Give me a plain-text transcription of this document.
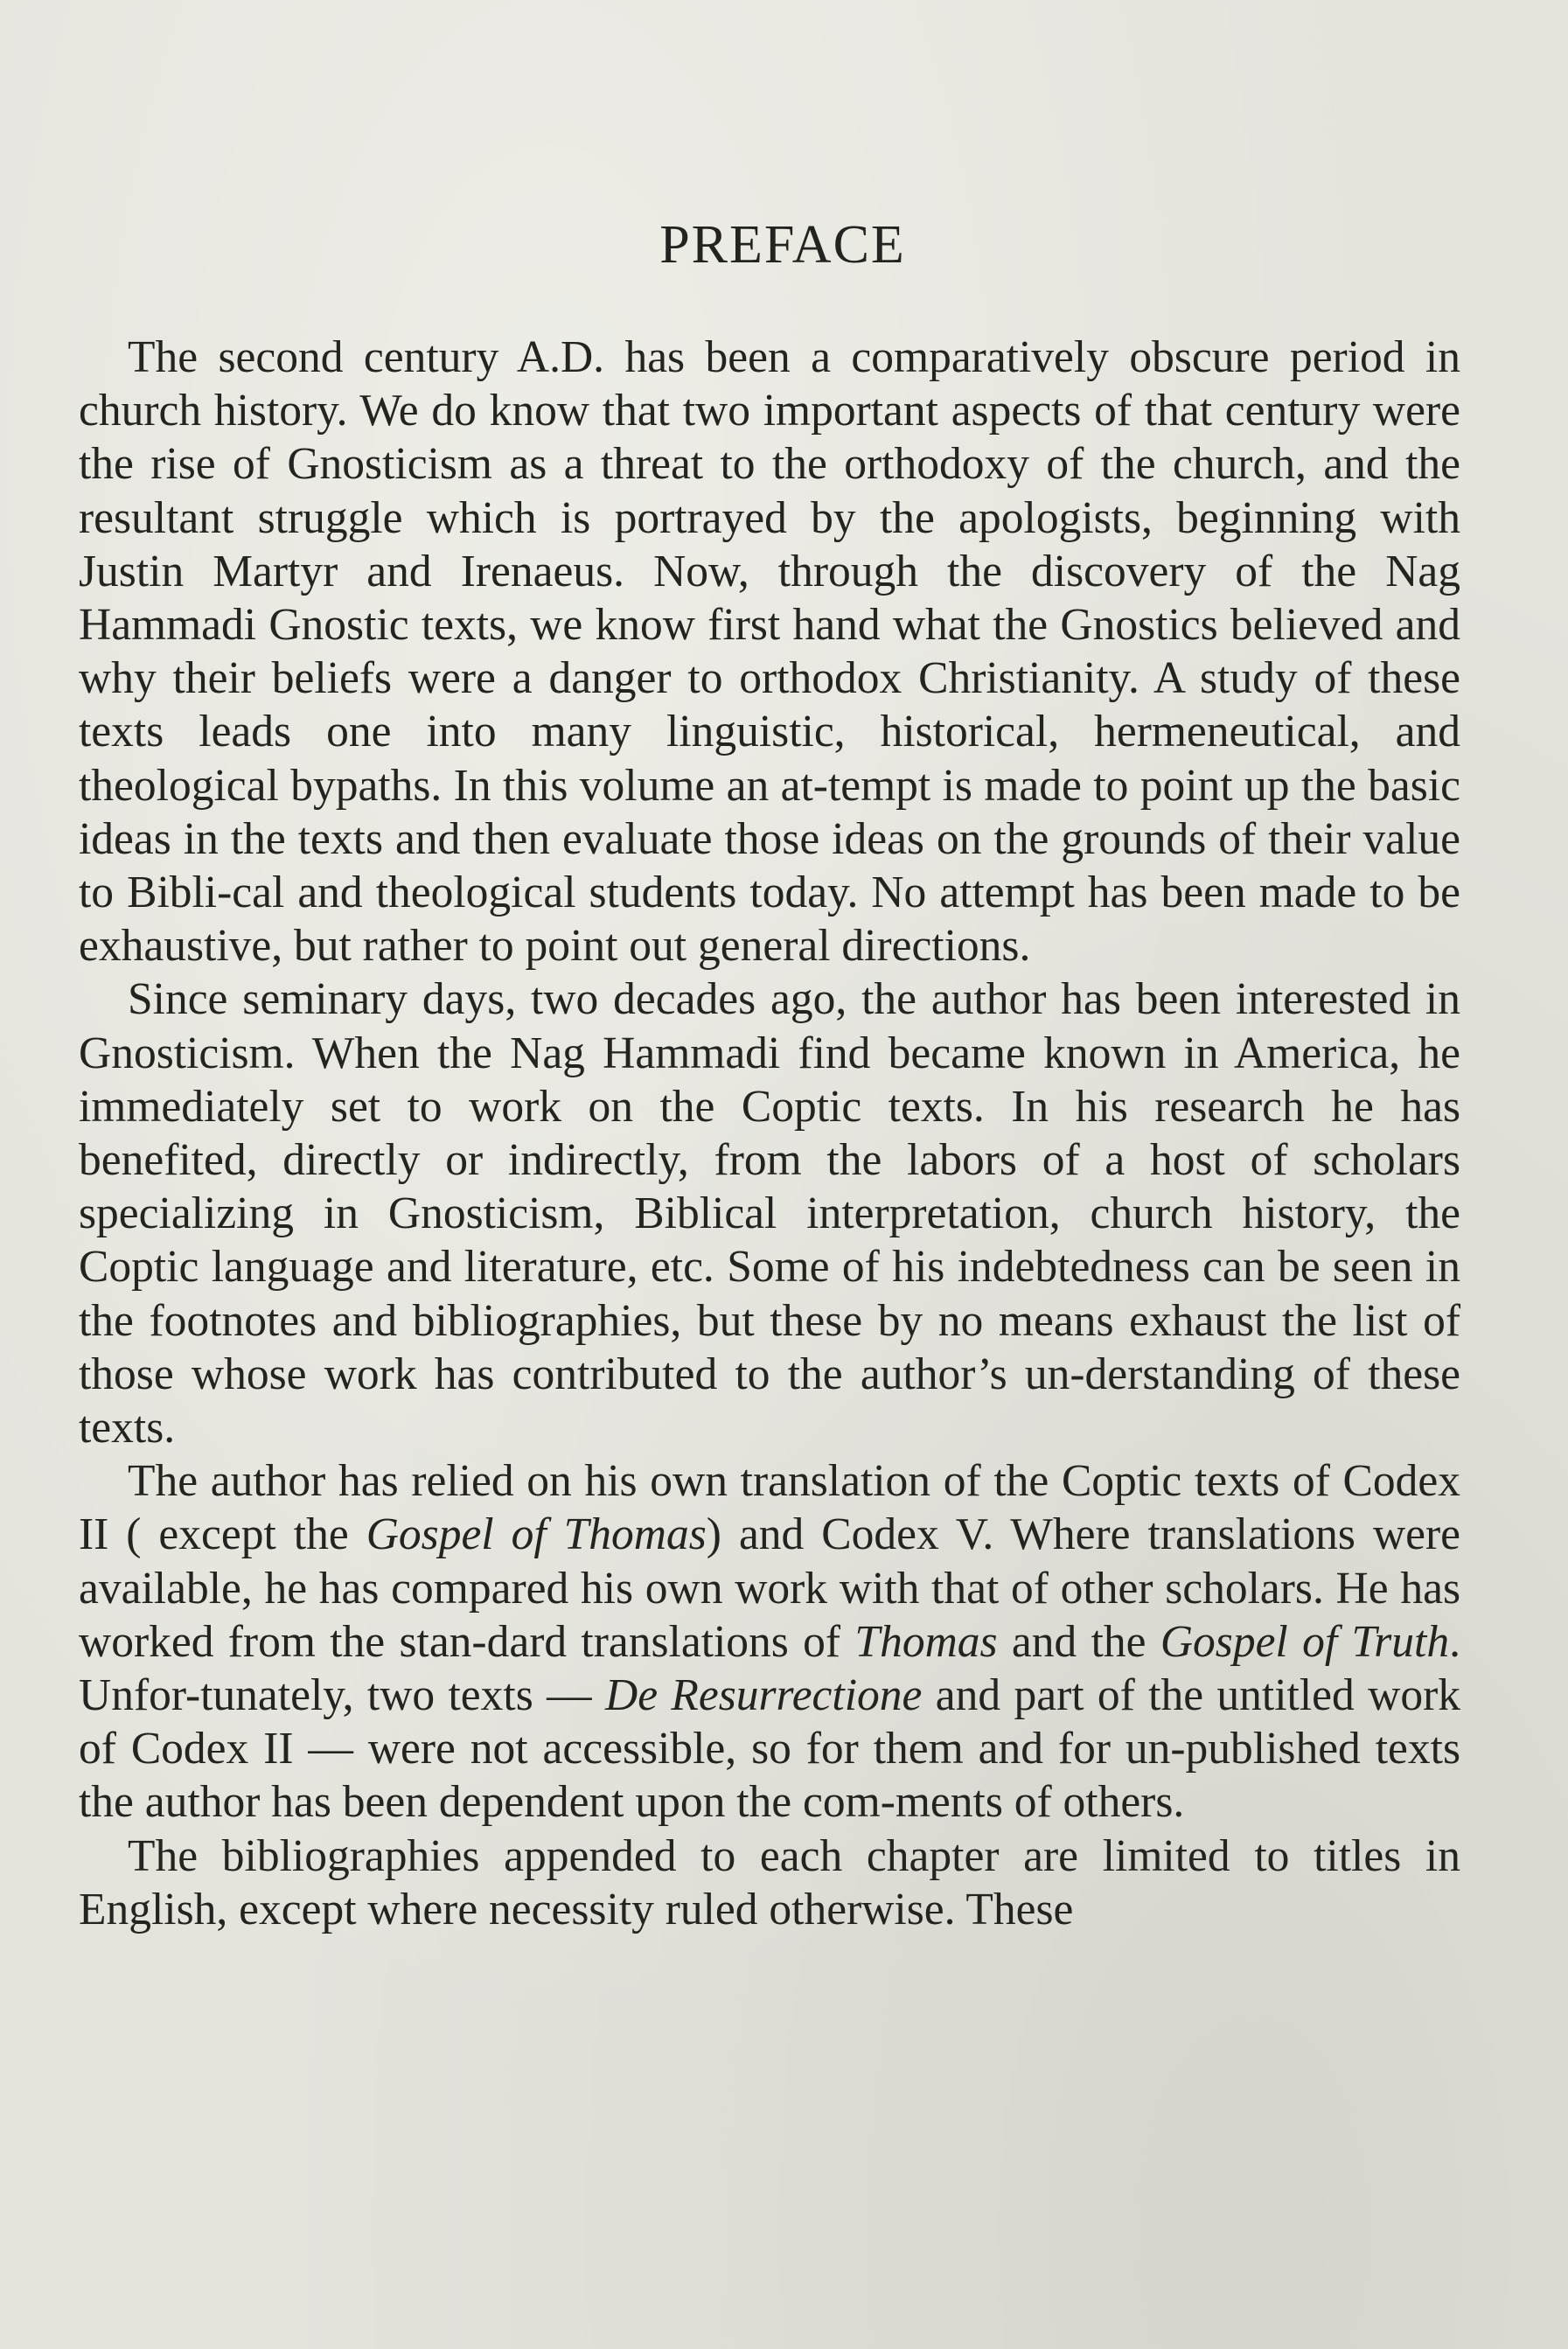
PREFACE

The second century A.D. has been a comparatively obscure period in church history. We do know that two important aspects of that century were the rise of Gnosticism as a threat to the orthodoxy of the church, and the resultant struggle which is portrayed by the apologists, beginning with Justin Martyr and Irenaeus. Now, through the discovery of the Nag Hammadi Gnostic texts, we know first hand what the Gnostics believed and why their beliefs were a danger to orthodox Christianity. A study of these texts leads one into many linguistic, historical, hermeneutical, and theological bypaths. In this volume an at-tempt is made to point up the basic ideas in the texts and then evaluate those ideas on the grounds of their value to Bibli-cal and theological students today. No attempt has been made to be exhaustive, but rather to point out general directions.

Since seminary days, two decades ago, the author has been interested in Gnosticism. When the Nag Hammadi find became known in America, he immediately set to work on the Coptic texts. In his research he has benefited, directly or indirectly, from the labors of a host of scholars specializing in Gnosticism, Biblical interpretation, church history, the Coptic language and literature, etc. Some of his indebtedness can be seen in the footnotes and bibliographies, but these by no means exhaust the list of those whose work has contributed to the author’s un-derstanding of these texts.

The author has relied on his own translation of the Coptic texts of Codex II ( except the Gospel of Thomas) and Codex V. Where translations were available, he has compared his own work with that of other scholars. He has worked from the stan-dard translations of Thomas and the Gospel of Truth. Unfor-tunately, two texts — De Resurrectione and part of the untitled work of Codex II — were not accessible, so for them and for un-published texts the author has been dependent upon the com-ments of others.

The bibliographies appended to each chapter are limited to titles in English, except where necessity ruled otherwise. These
